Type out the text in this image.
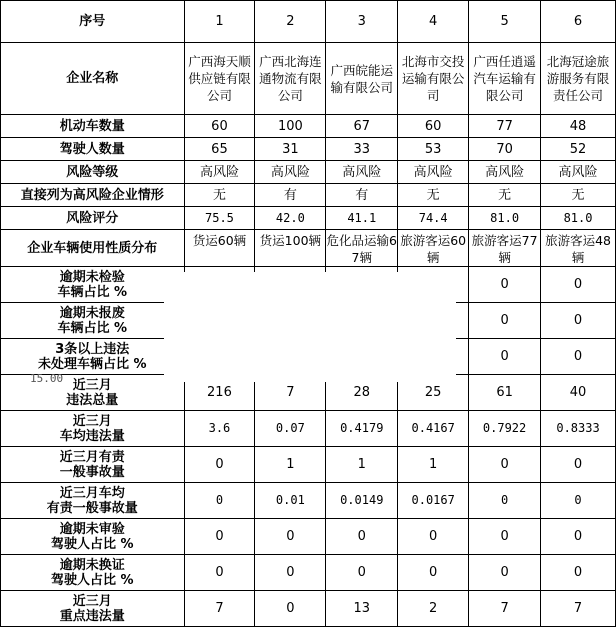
序号	1	2	3	4	5	6
企业名称	广西海天顺供应链有限公司	广西北海连通物流有限公司	广西皖能运输有限公司	北海市交投运输有限公司	广西任逍遥汽车运输有限公司	北海冠途旅游服务有限责任公司
机动车数量	60	100	67	60	77	48
驾驶人数量	65	31	33	53	70	52
风险等级	高风险	高风险	高风险	高风险	高风险	高风险
直接列为高风险企业情形	无	有	有	无	无	无
风险评分	75.5	42.0	41.1	74.4	81.0	81.0
企业车辆使用性质分布	货运60辆	货运100辆	危化品运输67辆	旅游客运60辆	旅游客运77辆	旅游客运48辆

逾期未检验
车辆占比 %					0	0

逾期未报废
车辆占比 %					0	0

3条以上违法
未处理车辆占比 %					0	0

近三月
违法总量	216	7	28	25	61	40

近三月
车均违法量	3.6	0.07	0.4179	0.4167	0.7922	0.8333

近三月有责
一般事故量	0	1	1	1	0	0

近三月车均
有责一般事故量	0	0.01	0.0149	0.0167	0	0

逾期未审验
驾驶人占比 %	0	0	0	0	0	0

逾期未换证
驾驶人占比 %	0	0	0	0	0	0

近三月
重点违法量	7	0	13	2	7	7
15.00
